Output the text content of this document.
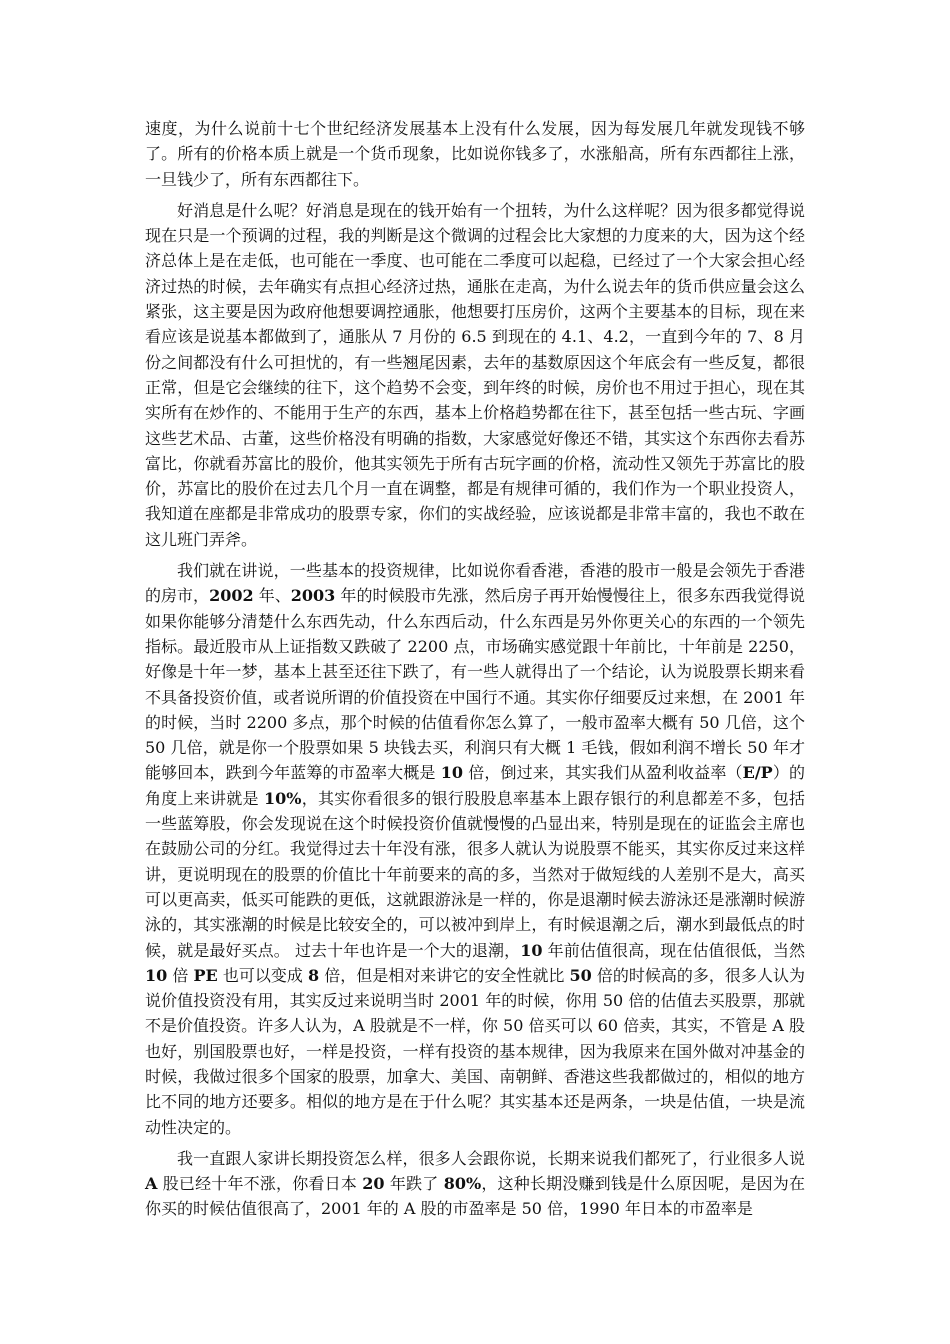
速度，为什么说前十七个世纪经济发展基本上没有什么发展，因为每发展几年就发现钱不够了。所有的价格本质上就是一个货币现象，比如说你钱多了，水涨船高，所有东西都往上涨，一旦钱少了，所有东西都往下。

好消息是什么呢？好消息是现在的钱开始有一个扭转，为什么这样呢？因为很多都觉得说现在只是一个预调的过程，我的判断是这个微调的过程会比大家想的力度来的大，因为这个经济总体上是在走低，也可能在一季度、也可能在二季度可以起稳，已经过了一个大家会担心经济过热的时候，去年确实有点担心经济过热，通胀在走高，为什么说去年的货币供应量会这么紧张，这主要是因为政府他想要调控通胀，他想要打压房价，这两个主要基本的目标，现在来看应该是说基本都做到了，通胀从 7 月份的 6.5 到现在的 4.1、4.2，一直到今年的 7、8 月份之间都没有什么可担忧的，有一些翘尾因素，去年的基数原因这个年底会有一些反复，都很正常，但是它会继续的往下，这个趋势不会变，到年终的时候，房价也不用过于担心，现在其实所有在炒作的、不能用于生产的东西，基本上价格趋势都在往下，甚至包括一些古玩、字画这些艺术品、古董，这些价格没有明确的指数，大家感觉好像还不错，其实这个东西你去看苏富比，你就看苏富比的股价，他其实领先于所有古玩字画的价格，流动性又领先于苏富比的股价，苏富比的股价在过去几个月一直在调整，都是有规律可循的，我们作为一个职业投资人，我知道在座都是非常成功的股票专家，你们的实战经验，应该说都是非常丰富的，我也不敢在这儿班门弄斧。

我们就在讲说，一些基本的投资规律，比如说你看香港，香港的股市一般是会领先于香港的房市，2002 年、2003 年的时候股市先涨，然后房子再开始慢慢往上，很多东西我觉得说如果你能够分清楚什么东西先动，什么东西后动，什么东西是另外你更关心的东西的一个领先指标。最近股市从上证指数又跌破了 2200 点，市场确实感觉跟十年前比，十年前是 2250，好像是十年一梦，基本上甚至还往下跌了，有一些人就得出了一个结论，认为说股票长期来看不具备投资价值，或者说所谓的价值投资在中国行不通。其实你仔细要反过来想，在 2001 年的时候，当时 2200 多点，那个时候的估值看你怎么算了，一般市盈率大概有 50 几倍，这个 50 几倍，就是你一个股票如果 5 块钱去买，利润只有大概 1 毛钱，假如利润不增长 50 年才能够回本，跌到今年蓝筹的市盈率大概是 10 倍，倒过来，其实我们从盈利收益率（E/P）的角度上来讲就是 10%，其实你看很多的银行股股息率基本上跟存银行的利息都差不多，包括一些蓝筹股，你会发现说在这个时候投资价值就慢慢的凸显出来，特别是现在的证监会主席也在鼓励公司的分红。我觉得过去十年没有涨，很多人就认为说股票不能买，其实你反过来这样讲，更说明现在的股票的价值比十年前要来的高的多，当然对于做短线的人差别不是大，高买可以更高卖，低买可能跌的更低，这就跟游泳是一样的，你是退潮时候去游泳还是涨潮时候游泳的，其实涨潮的时候是比较安全的，可以被冲到岸上，有时候退潮之后，潮水到最低点的时候，就是最好买点。 过去十年也许是一个大的退潮，10 年前估值很高，现在估值很低，当然 10 倍 PE 也可以变成 8 倍，但是相对来讲它的安全性就比 50 倍的时候高的多，很多人认为说价值投资没有用，其实反过来说明当时 2001 年的时候，你用 50 倍的估值去买股票，那就不是价值投资。许多人认为，A 股就是不一样，你 50 倍买可以 60 倍卖，其实，不管是 A 股也好，别国股票也好，一样是投资，一样有投资的基本规律，因为我原来在国外做对冲基金的时候，我做过很多个国家的股票，加拿大、美国、南朝鲜、香港这些我都做过的，相似的地方比不同的地方还要多。相似的地方是在于什么呢？其实基本还是两条，一块是估值，一块是流动性决定的。

我一直跟人家讲长期投资怎么样，很多人会跟你说，长期来说我们都死了，行业很多人说 A 股已经十年不涨，你看日本 20 年跌了 80%，这种长期没赚到钱是什么原因呢，是因为在你买的时候估值很高了，2001 年的 A 股的市盈率是 50 倍，1990 年日本的市盈率是
